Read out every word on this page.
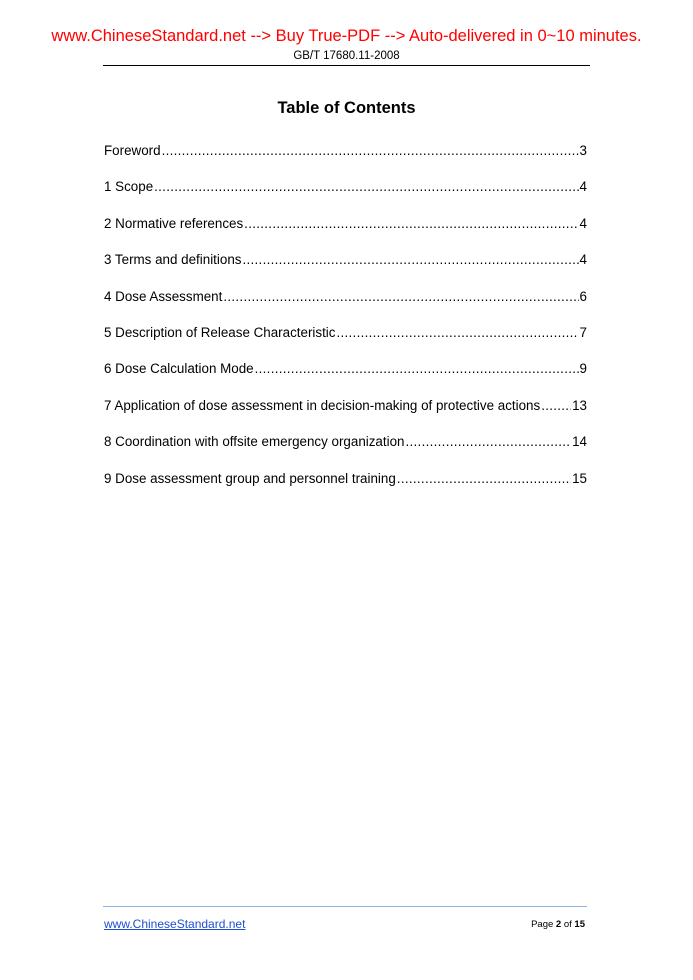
www.ChineseStandard.net --> Buy True-PDF --> Auto-delivered in 0~10 minutes.
GB/T 17680.11-2008
Table of Contents
Foreword .....	3
1 Scope .....	4
2 Normative references .....	4
3 Terms and definitions .....	4
4 Dose Assessment .....	6
5 Description of Release Characteristic .....	7
6 Dose Calculation Mode .....	9
7 Application of dose assessment in decision-making of protective actions ..... 13
8 Coordination with offsite emergency organization .....	14
9 Dose assessment group and personnel training .....	15
www.ChineseStandard.net	Page 2 of 15
